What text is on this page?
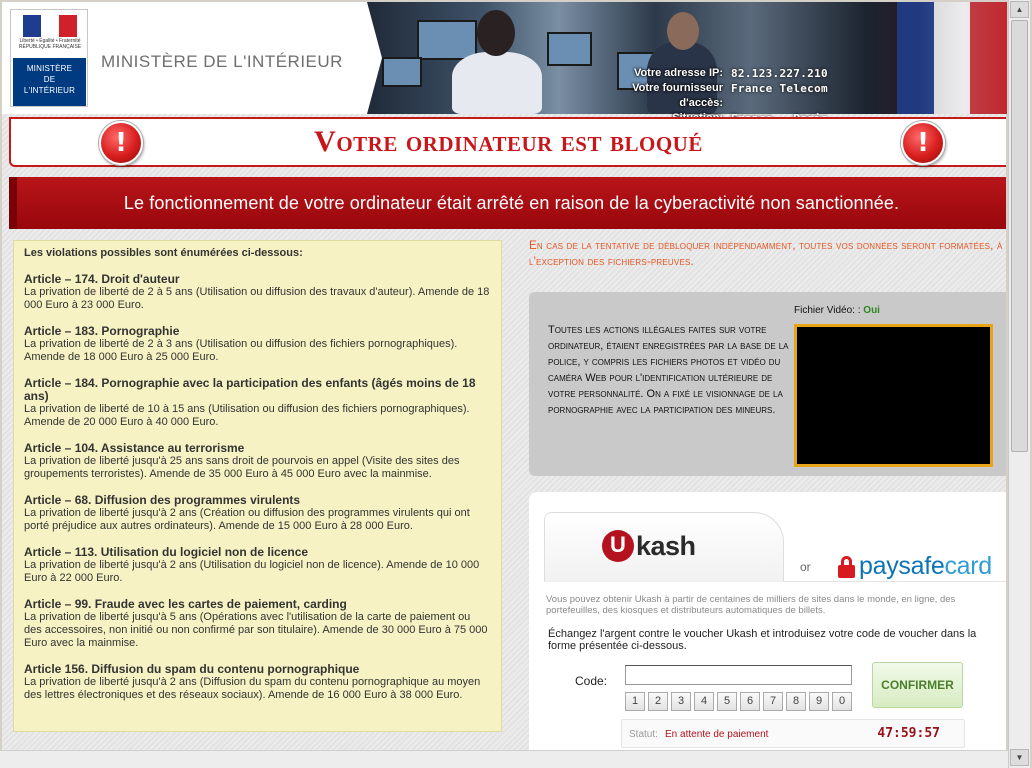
Liberté • Égalité • Fraternité RÉPUBLIQUE FRANÇAISE
MINISTÈRE
DE
L'INTÉRIEUR
MINISTÈRE DE L'INTÉRIEUR
Votre adresse IP: 82.123.227.210
Votre fournisseur d'accès:
France Telecom
!	Votre ordinateur est bloqué	!
Le fonctionnement de votre ordinateur était arrêté en raison de la cyberactivité non sanctionnée.
Les violations possibles sont énumérées ci-dessous:
Article – 174. Droit d'auteur
La privation de liberté de 2 à 5 ans (Utilisation ou diffusion des travaux d'auteur). Amende de 18 000 Euro à 23 000 Euro.
Article – 183. Pornographie
La privation de liberté de 2 à 3 ans (Utilisation ou diffusion des fichiers pornographiques). Amende de 18 000 Euro à 25 000 Euro.
Article – 184. Pornographie avec la participation des enfants (âgés moins de 18 ans)
La privation de liberté de 10 à 15 ans (Utilisation ou diffusion des fichiers pornographiques). Amende de 20 000 Euro à 40 000 Euro.
Article – 104. Assistance au terrorisme
La privation de liberté jusqu'à 25 ans sans droit de pourvois en appel (Visite des sites des groupements terroristes). Amende de 35 000 Euro à 45 000 Euro avec la mainmise.
Article – 68. Diffusion des programmes virulents
La privation de liberté jusqu'à 2 ans (Création ou diffusion des programmes virulents qui ont porté préjudice aux autres ordinateurs). Amende de 15 000 Euro à 28 000 Euro.
Article – 113. Utilisation du logiciel non de licence
La privation de liberté jusqu'à 2 ans (Utilisation du logiciel non de licence). Amende de 10 000 Euro à 22 000 Euro.
Article – 99. Fraude avec les cartes de paiement, carding
La privation de liberté jusqu'à 5 ans (Opérations avec l'utilisation de la carte de paiement ou des accessoires, non initié ou non confirmé par son titulaire). Amende de 30 000 Euro à 75 000 Euro avec la mainmise.
Article 156. Diffusion du spam du contenu pornographique
La privation de liberté jusqu'à 2 ans (Diffusion du spam du contenu pornographique au moyen des lettres électroniques et des réseaux sociaux). Amende de 16 000 Euro à 38 000 Euro.
En cas de la tentative de débloquer indépendamment, toutes vos données seront formatées, à l'exception des fichiers-preuves.
Toutes les actions illégales faites sur votre ordinateur, étaient enregistrées par la base de la police, y compris les fichiers photos et vidéo du caméra Web pour l'identification ultérieure de votre personnalité. On a fixé le visionnage de la pornographie avec la participation des mineurs.
Fichier Vidéo: : Oui
U kash
or paysafe card
Vous pouvez obtenir Ukash à partir de centaines de milliers de sites dans le monde, en ligne, des portefeuilles, des kiosques et distributeurs automatiques de billets.
Échangez l'argent contre le voucher Ukash et introduisez votre code de voucher dans la forme présentée ci-dessous.
Code:
1	2	3	4	5	6	7	8	9	0
CONFIRMER
Statut: En attente de paiement	47:59:57
▲
▼
